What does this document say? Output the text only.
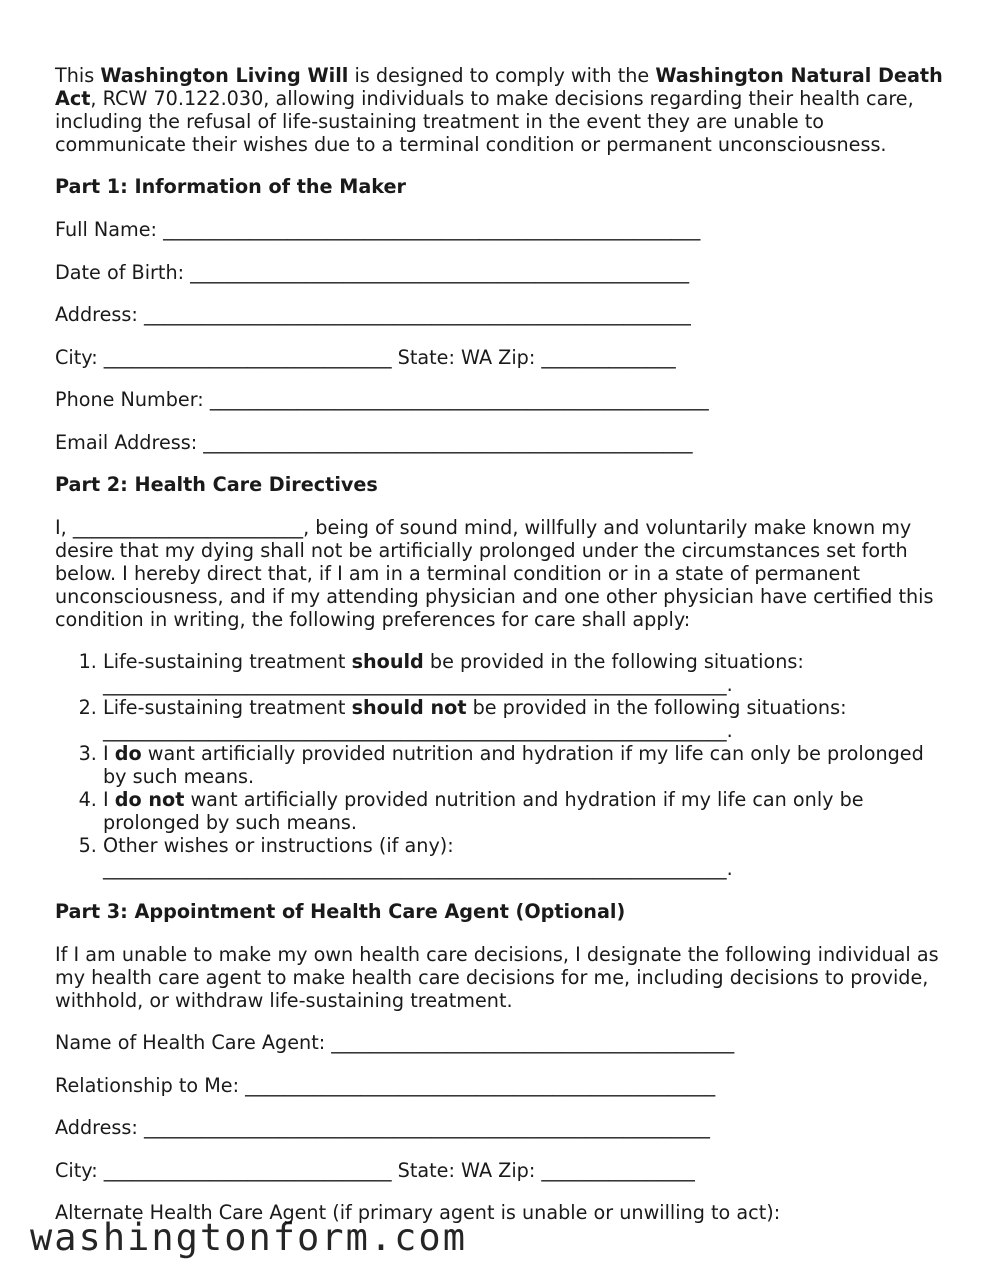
This Washington Living Will is designed to comply with the Washington Natural Death Act, RCW 70.122.030, allowing individuals to make decisions regarding their health care, including the refusal of life-sustaining treatment in the event they are unable to communicate their wishes due to a terminal condition or permanent unconsciousness.

Part 1: Information of the Maker
Full Name: ________________________________________________________
Date of Birth: ____________________________________________________
Address: _________________________________________________________
City: ______________________________ State: WA Zip: ______________
Phone Number: ____________________________________________________
Email Address: ___________________________________________________
Part 2: Health Care Directives

I, ________________________, being of sound mind, willfully and voluntarily make known my desire that my dying shall not be artificially prolonged under the circumstances set forth below. I hereby direct that, if I am in a terminal condition or in a state of permanent unconsciousness, and if my attending physician and one other physician have certified this condition in writing, the following preferences for care shall apply:

1. Life-sustaining treatment should be provided in the following situations:
_________________________________________________________________.
2. Life-sustaining treatment should not be provided in the following situations:
_________________________________________________________________.
3. I do want artificially provided nutrition and hydration if my life can only be prolonged by such means.
4. I do not want artificially provided nutrition and hydration if my life can only be prolonged by such means.
5. Other wishes or instructions (if any):
_________________________________________________________________.
Part 3: Appointment of Health Care Agent (Optional)

If I am unable to make my own health care decisions, I designate the following individual as my health care agent to make health care decisions for me, including decisions to provide, withhold, or withdraw life-sustaining treatment.

Name of Health Care Agent: __________________________________________
Relationship to Me: _________________________________________________
Address: ___________________________________________________________
City: ______________________________ State: WA Zip: ________________
Alternate Health Care Agent (if primary agent is unable or unwilling to act):
washingtonform.com
